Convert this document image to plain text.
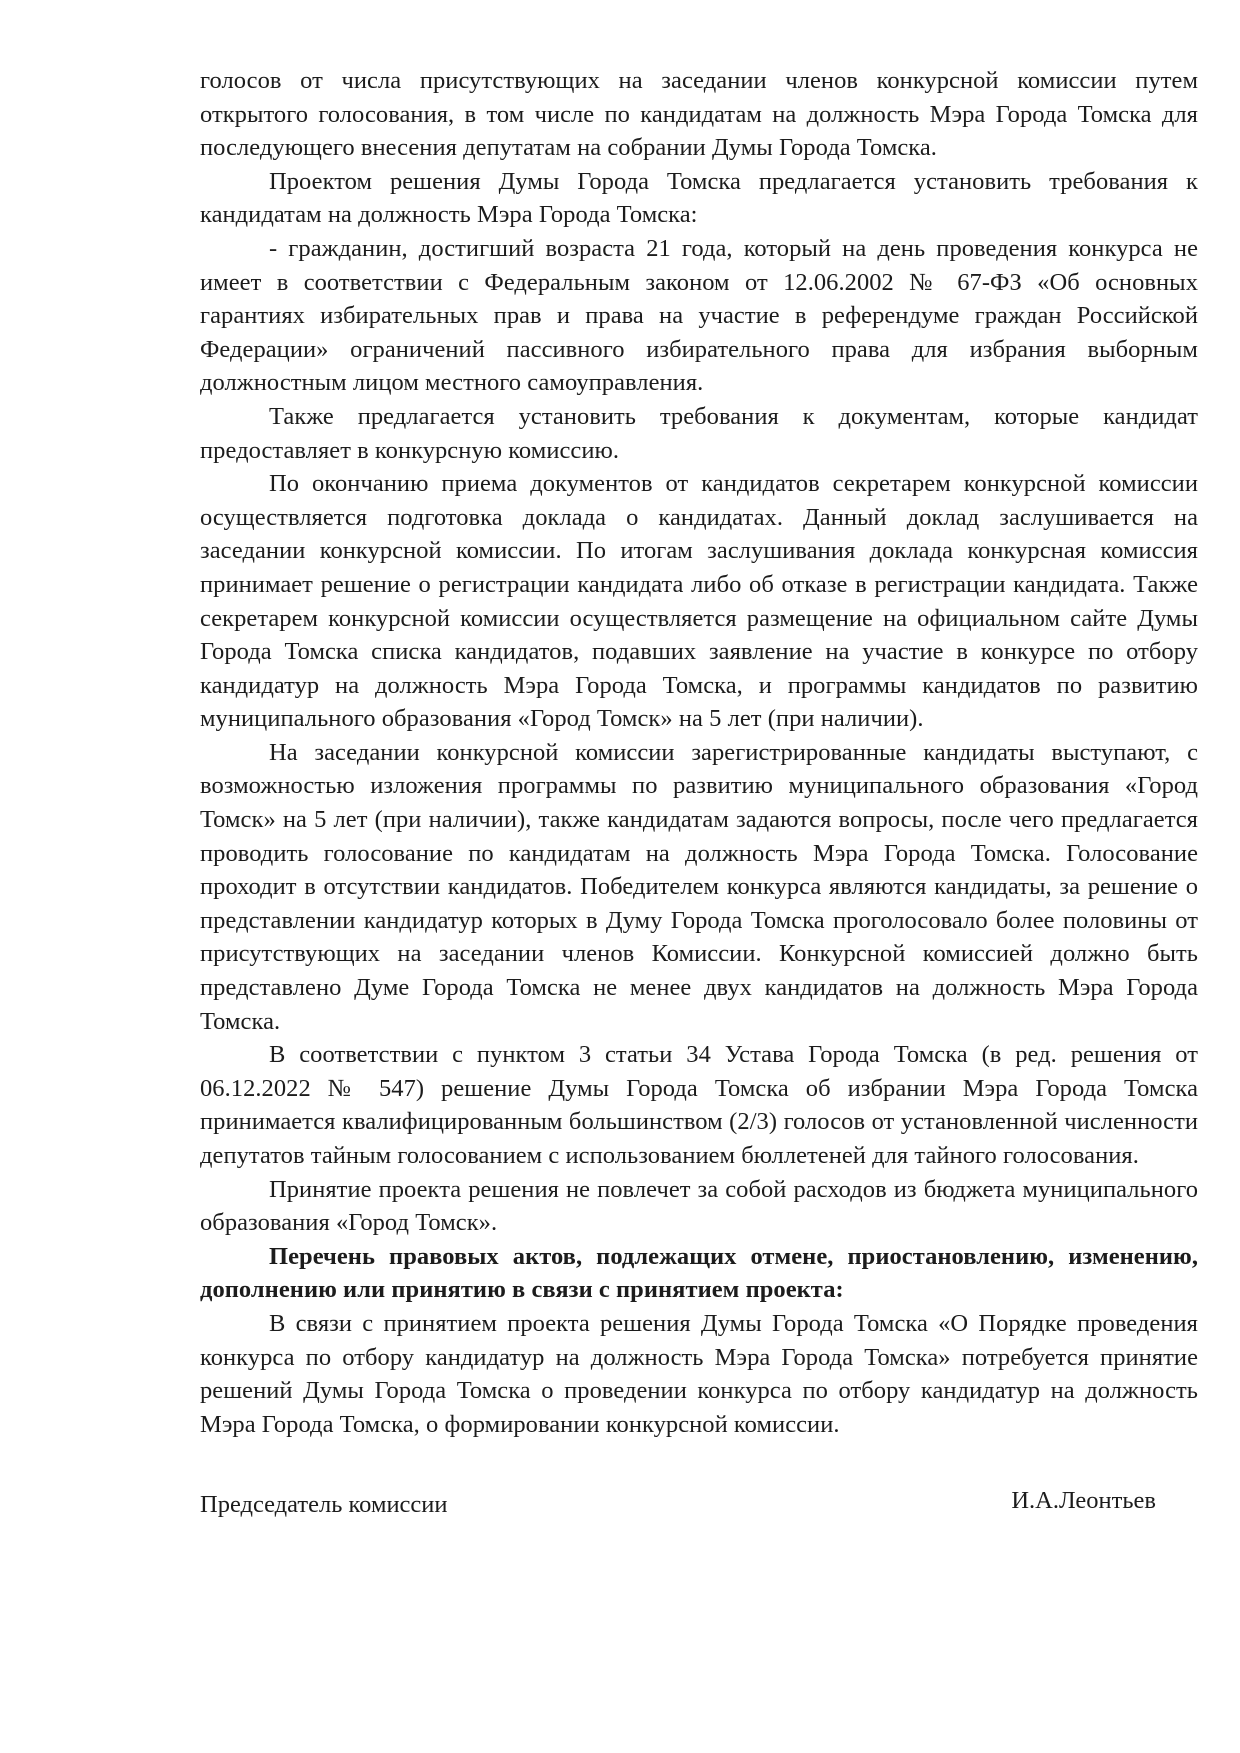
голосов от числа присутствующих на заседании членов конкурсной комиссии путем открытого голосования, в том числе по кандидатам на должность Мэра Города Томска для последующего внесения депутатам на собрании Думы Города Томска.

Проектом решения Думы Города Томска предлагается установить требования к кандидатам на должность Мэра Города Томска:

- гражданин, достигший возраста 21 года, который на день проведения конкурса не имеет в соответствии с Федеральным законом от 12.06.2002 № 67-ФЗ «Об основных гарантиях избирательных прав и права на участие в референдуме граждан Российской Федерации» ограничений пассивного избирательного права для избрания выборным должностным лицом местного самоуправления.

Также предлагается установить требования к документам, которые кандидат предоставляет в конкурсную комиссию.

По окончанию приема документов от кандидатов секретарем конкурсной комиссии осуществляется подготовка доклада о кандидатах. Данный доклад заслушивается на заседании конкурсной комиссии. По итогам заслушивания доклада конкурсная комиссия принимает решение о регистрации кандидата либо об отказе в регистрации кандидата. Также секретарем конкурсной комиссии осуществляется размещение на официальном сайте Думы Города Томска списка кандидатов, подавших заявление на участие в конкурсе по отбору кандидатур на должность Мэра Города Томска, и программы кандидатов по развитию муниципального образования «Город Томск» на 5 лет (при наличии).

На заседании конкурсной комиссии зарегистрированные кандидаты выступают, с возможностью изложения программы по развитию муниципального образования «Город Томск» на 5 лет (при наличии), также кандидатам задаются вопросы, после чего предлагается проводить голосование по кандидатам на должность Мэра Города Томска. Голосование проходит в отсутствии кандидатов. Победителем конкурса являются кандидаты, за решение о представлении кандидатур которых в Думу Города Томска проголосовало более половины от присутствующих на заседании членов Комиссии. Конкурсной комиссией должно быть представлено Думе Города Томска не менее двух кандидатов на должность Мэра Города Томска.

В соответствии с пунктом 3 статьи 34 Устава Города Томска (в ред. решения от 06.12.2022 № 547) решение Думы Города Томска об избрании Мэра Города Томска принимается квалифицированным большинством (2/3) голосов от установленной численности депутатов тайным голосованием с использованием бюллетеней для тайного голосования.

Принятие проекта решения не повлечет за собой расходов из бюджета муниципального образования «Город Томск».

Перечень правовых актов, подлежащих отмене, приостановлению, изменению, дополнению или принятию в связи с принятием проекта:

В связи с принятием проекта решения Думы Города Томска «О Порядке проведения конкурса по отбору кандидатур на должность Мэра Города Томска» потребуется принятие решений Думы Города Томска о проведении конкурса по отбору кандидатур на должность Мэра Города Томска, о формировании конкурсной комиссии.

Председатель комиссии	И.А.Леонтьев
